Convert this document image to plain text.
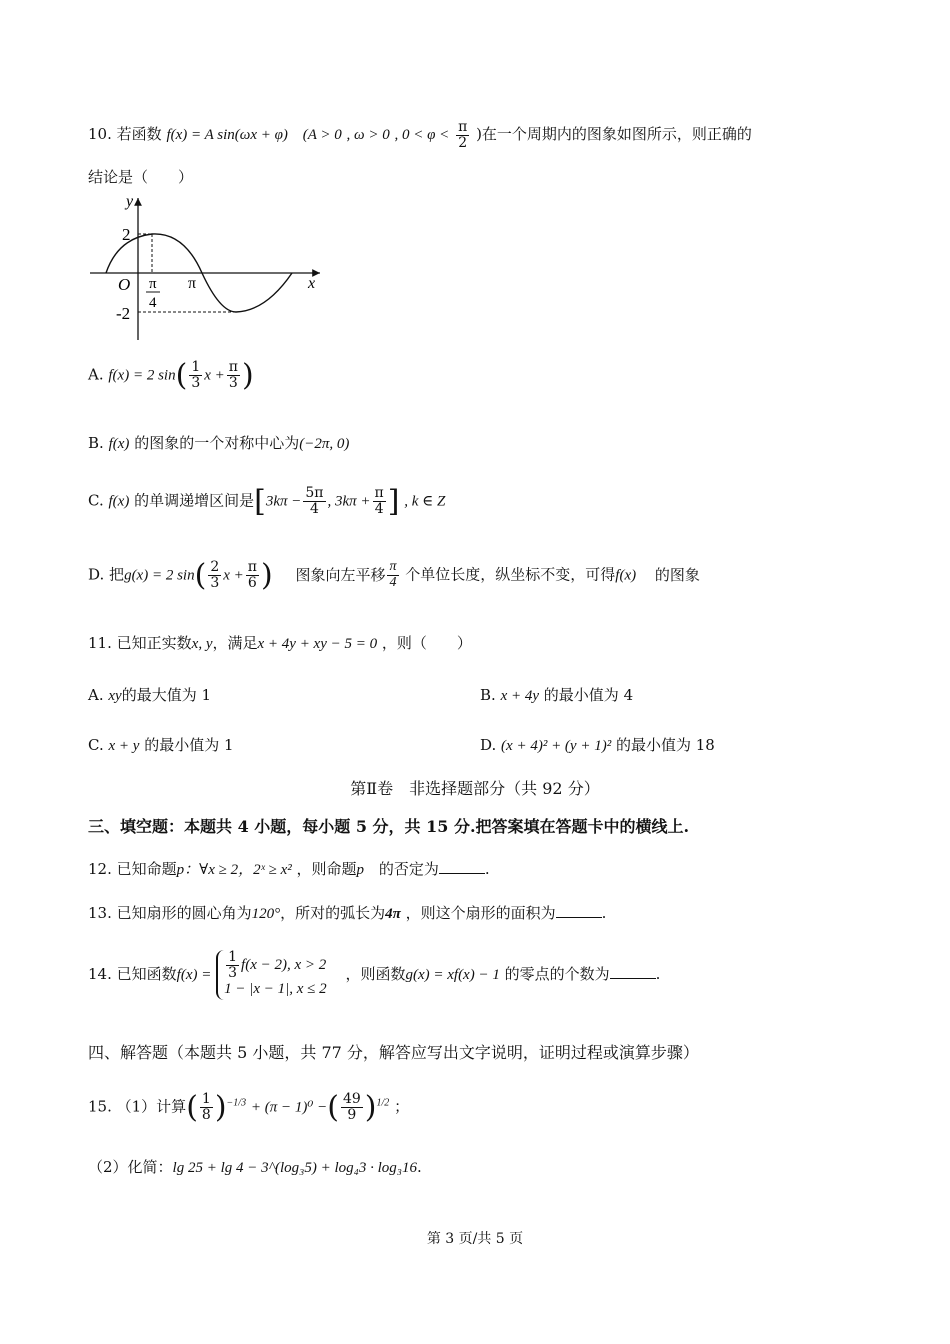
10. 若函数 f(x) = A sin(ωx + φ) (A > 0 , ω > 0 , $0 < \varphi < \frac{\pi}{2}$ )在一个周期内的图象如图所示，则正确的
结论是（　　）
y
x
O
2
-2
π
π
4
A. f(x) = 2 $\sin( \frac{1}{3}$ $x + \frac{\pi}{3}$ )
B. f(x) 的图象的一个对称中心为(−2π, 0)
C. f(x) 的单调递增区间是[$3k\pi - \frac{5\pi}{4}$ , $3k\pi + \frac{\pi}{4}$ ] , k ∈ Z
D. 把g(x) = 2 $\sin( \frac{2}{3}$ $x + \frac{\pi}{6}$ ) 图象向左平移 $\frac{\pi}{4}$ 个单位长度，纵坐标不变，可得f(x) 的图象
11. 已知正实数x, y，满足x + 4y + xy − 5 = 0 ，则（　　）
A. xy的最大值为 1	B. x + 4y 的最小值为 4
C. x + y 的最小值为 1	D. (x + 4)² + (y + 1)² 的最小值为 18
第Ⅱ卷　非选择题部分（共 92 分）
三、填空题：本题共 4 小题，每小题 5 分，共 15 分.把答案填在答题卡中的横线上.
12. 已知命题p：∀x ≥ 2，2ˣ ≥ x² ，则命题p 的否定为	.
13. 已知扇形的圆心角为120°，所对的弧长为4π ，则这个扇形的面积为	.
14. 已知函数$f(x) = \frac{1}{3} f(x - 2)$, x > 2
1 − |x − 1|, x ≤ 2
，则函数g(x) = xf(x) − 1 的零点的个数为	.
四、解答题（本题共 5 小题，共 77 分，解答应写出文字说明，证明过程或演算步骤）
15. （1）计算( $\frac{1}{8} )^{-1/3} + (\pi - 1)^0$ −( $\frac{49}{9} )^{1/2}$ ；
（2）化简：lg 25 + lg 4 − 3^(log₃5) + log₄3 · log₃16.
第 3 页/共 5 页
